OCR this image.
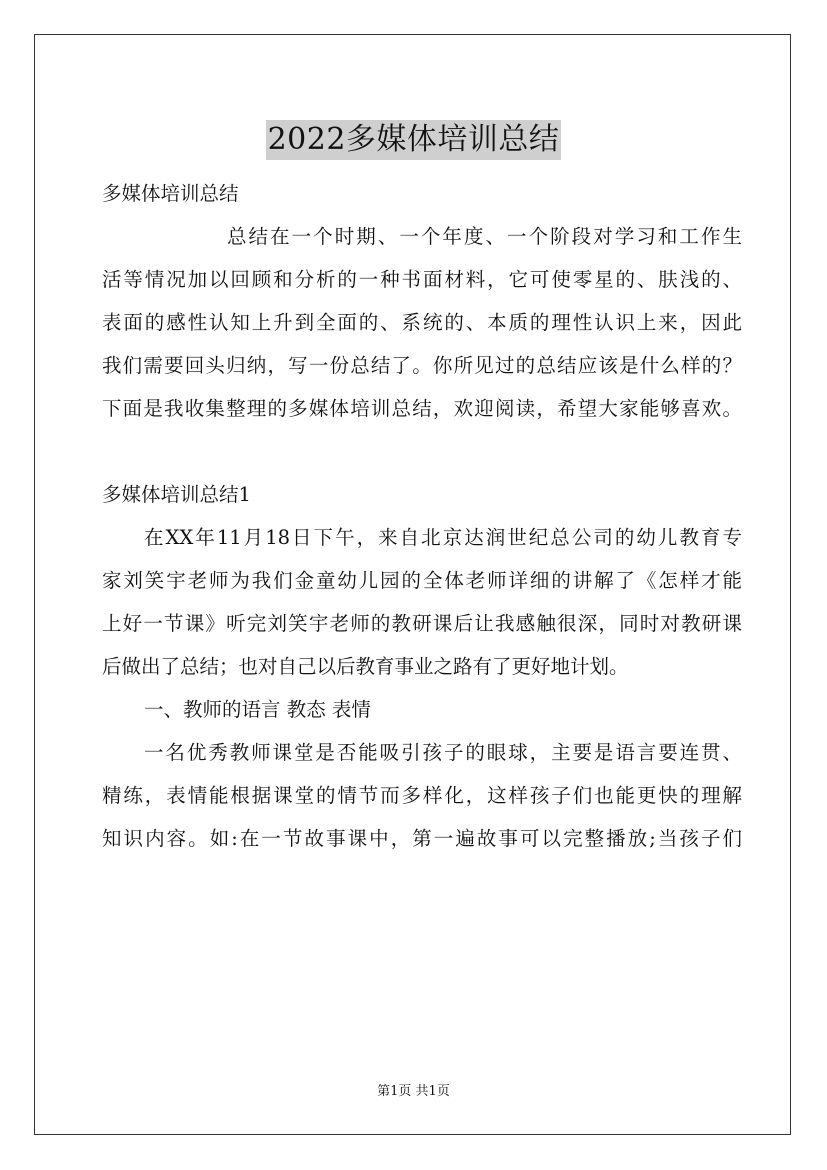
2022多媒体培训总结

多媒体培训总结

总结在一个时期、一个年度、一个阶段对学习和工作生

活等情况加以回顾和分析的一种书面材料，它可使零星的、肤浅的、

表面的感性认知上升到全面的、系统的、本质的理性认识上来，因此

我们需要回头归纳，写一份总结了。你所见过的总结应该是什么样的？

下面是我收集整理的多媒体培训总结，欢迎阅读，希望大家能够喜欢。

多媒体培训总结1

在XX年11月18日下午，来自北京达润世纪总公司的幼儿教育专

家刘笑宇老师为我们金童幼儿园的全体老师详细的讲解了《怎样才能

上好一节课》听完刘笑宇老师的教研课后让我感触很深，同时对教研课

后做出了总结；也对自己以后教育事业之路有了更好地计划。

一、教师的语言 教态 表情

一名优秀教师课堂是否能吸引孩子的眼球，主要是语言要连贯、

精练，表情能根据课堂的情节而多样化，这样孩子们也能更快的理解

知识内容。如:在一节故事课中，第一遍故事可以完整播放;当孩子们

第1页 共1页
